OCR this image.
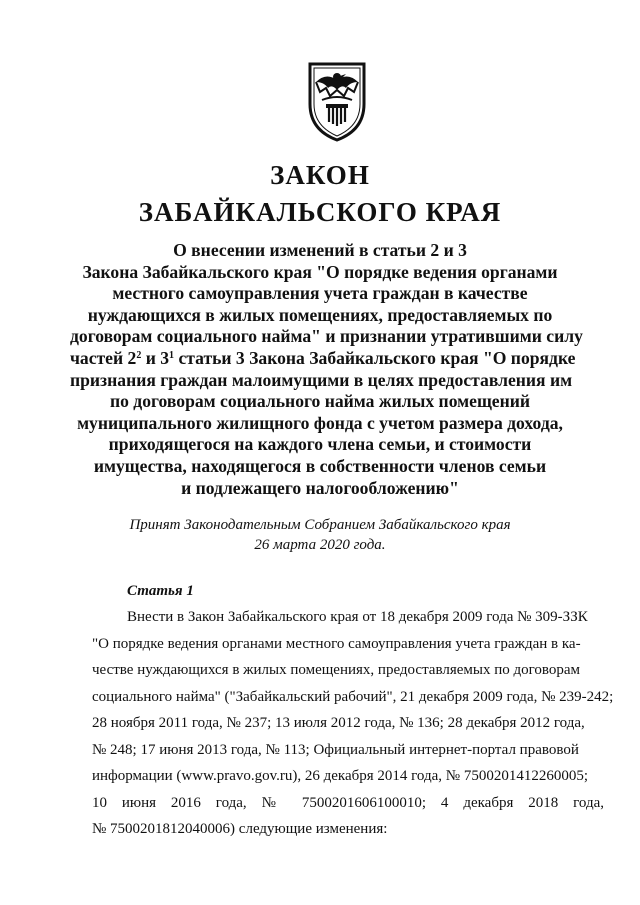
ЗАКОН
ЗАБАЙКАЛЬСКОГО КРАЯ
О внесении изменений в статьи 2 и 3
Закона Забайкальского края "О порядке ведения органами
местного самоуправления учета граждан в качестве
нуждающихся в жилых помещениях, предоставляемых по
договорам социального найма" и признании утратившими силу
частей $2^2$ и $3^1$ статьи 3 Закона Забайкальского края "О порядке
признания граждан малоимущими в целях предоставления им
по договорам социального найма жилых помещений
муниципального жилищного фонда с учетом размера дохода,
приходящегося на каждого члена семьи, и стоимости
имущества, находящегося в собственности членов семьи
и подлежащего налогообложению"
Принят Законодательным Собранием Забайкальского края
26 марта 2020 года.
Статья 1
Внести в Закон Забайкальского края от 18 декабря 2009 года № 309-ЗЗК
"О порядке ведения органами местного самоуправления учета граждан в ка-
честве нуждающихся в жилых помещениях, предоставляемых по договорам
социального найма" ("Забайкальский рабочий", 21 декабря 2009 года, № 239-242;
28 ноября 2011 года, № 237; 13 июля 2012 года, № 136; 28 декабря 2012 года,
№ 248; 17 июня 2013 года, № 113; Официальный интернет-портал правовой
информации (www.pravo.gov.ru), 26 декабря 2014 года, № 7500201412260005;
10 июня 2016 года, № 7500201606100010; 4 декабря 2018 года,
№ 7500201812040006) следующие изменения:
